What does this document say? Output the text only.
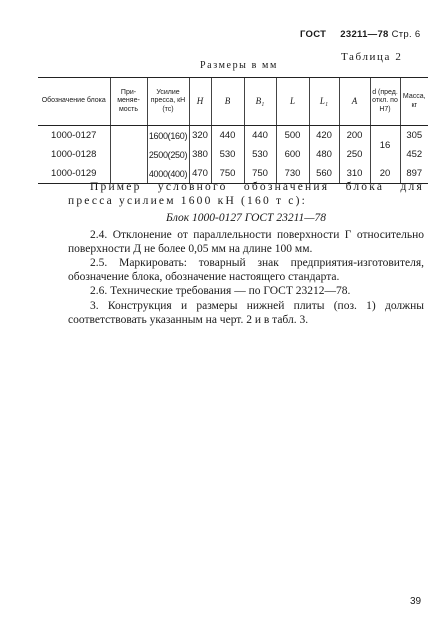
ГОСТ 23211—78 Стр. 6
Таблица 2
Размеры в мм
Обозначение блока	При-меняе-мость	Усилие пресса, кН (тс)	H	B	B₁	L	L₁	A	d (пред. откл. по H7)	Масса, кг
1000-0127		1600(160)	320	440	440	500	420	200	16	305
1000-0128		2500(250)	380	530	530	600	480	250		452
1000-0129		4000(400)	470	750	750	730	560	310	20	897

Пример условного обозначения блока для пресса усилием 1600 кН (160 т с):

Блок 1000-0127 ГОСТ 23211—78

2.4. Отклонение от параллельности поверхности Г относительно поверхности Д не более 0,05 мм на длине 100 мм.

2.5. Маркировать: товарный знак предприятия-изготовителя, обозначение блока, обозначение настоящего стандарта.

2.6. Технические требования — по ГОСТ 23212—78.

3. Конструкция и размеры нижней плиты (поз. 1) должны соответствовать указанным на черт. 2 и в табл. 3.

39
